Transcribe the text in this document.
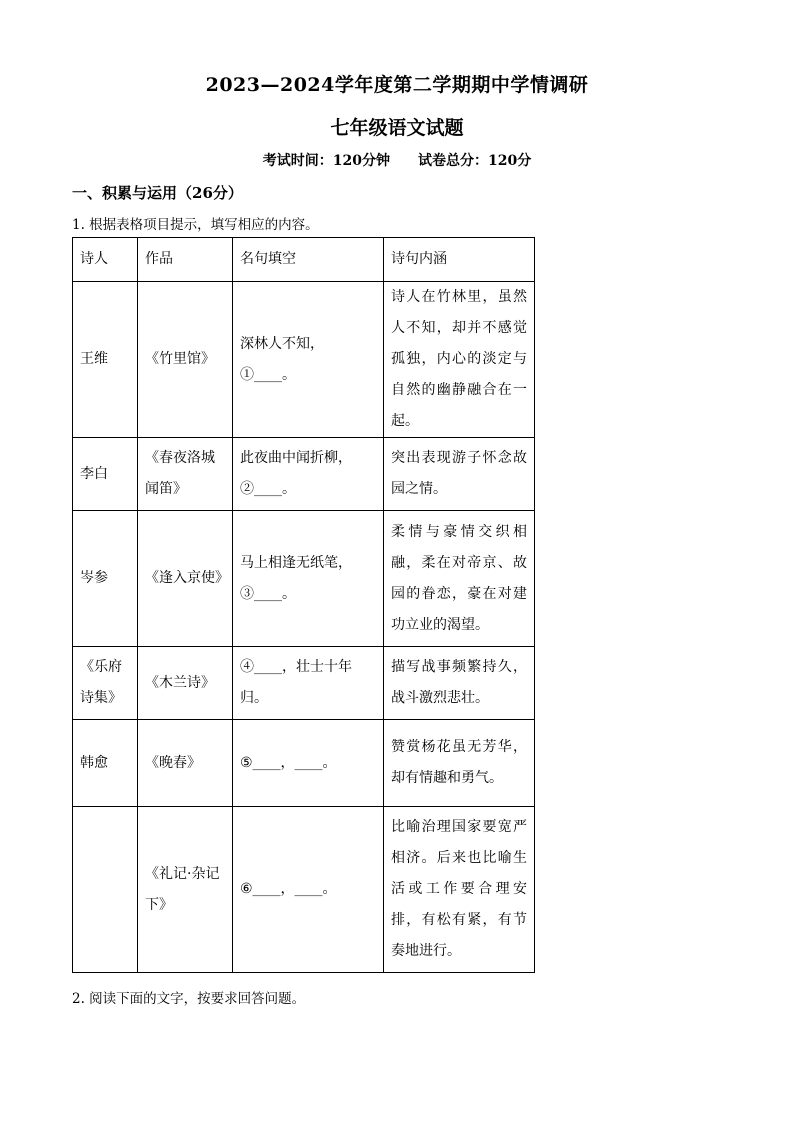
2023—2024学年度第二学期期中学情调研
七年级语文试题
考试时间：120分钟 试卷总分：120分
一、积累与运用（26分）
1. 根据表格项目提示，填写相应的内容。
诗人	作品	名句填空	诗句内涵
王维	《竹里馆》	深林人不知，①____。	诗人在竹林里，虽然人不知，却并不感觉孤独，内心的淡定与自然的幽静融合在一起。
李白	《春夜洛城闻笛》	此夜曲中闻折柳，②____。	突出表现游子怀念故园之情。
岑参	《逢入京使》	马上相逢无纸笔，③____。	柔情与豪情交织相融，柔在对帝京、故园的眷恋，豪在对建功立业的渴望。
《乐府诗集》	《木兰诗》	④____，壮士十年归。	描写战事频繁持久，战斗激烈悲壮。
韩愈	《晚春》	⑤____，____。	赞赏杨花虽无芳华，却有情趣和勇气。
	《礼记·杂记下》	⑥____，____。	比喻治理国家要宽严相济。后来也比喻生活或工作要合理安排，有松有紧，有节奏地进行。
2. 阅读下面的文字，按要求回答问题。
